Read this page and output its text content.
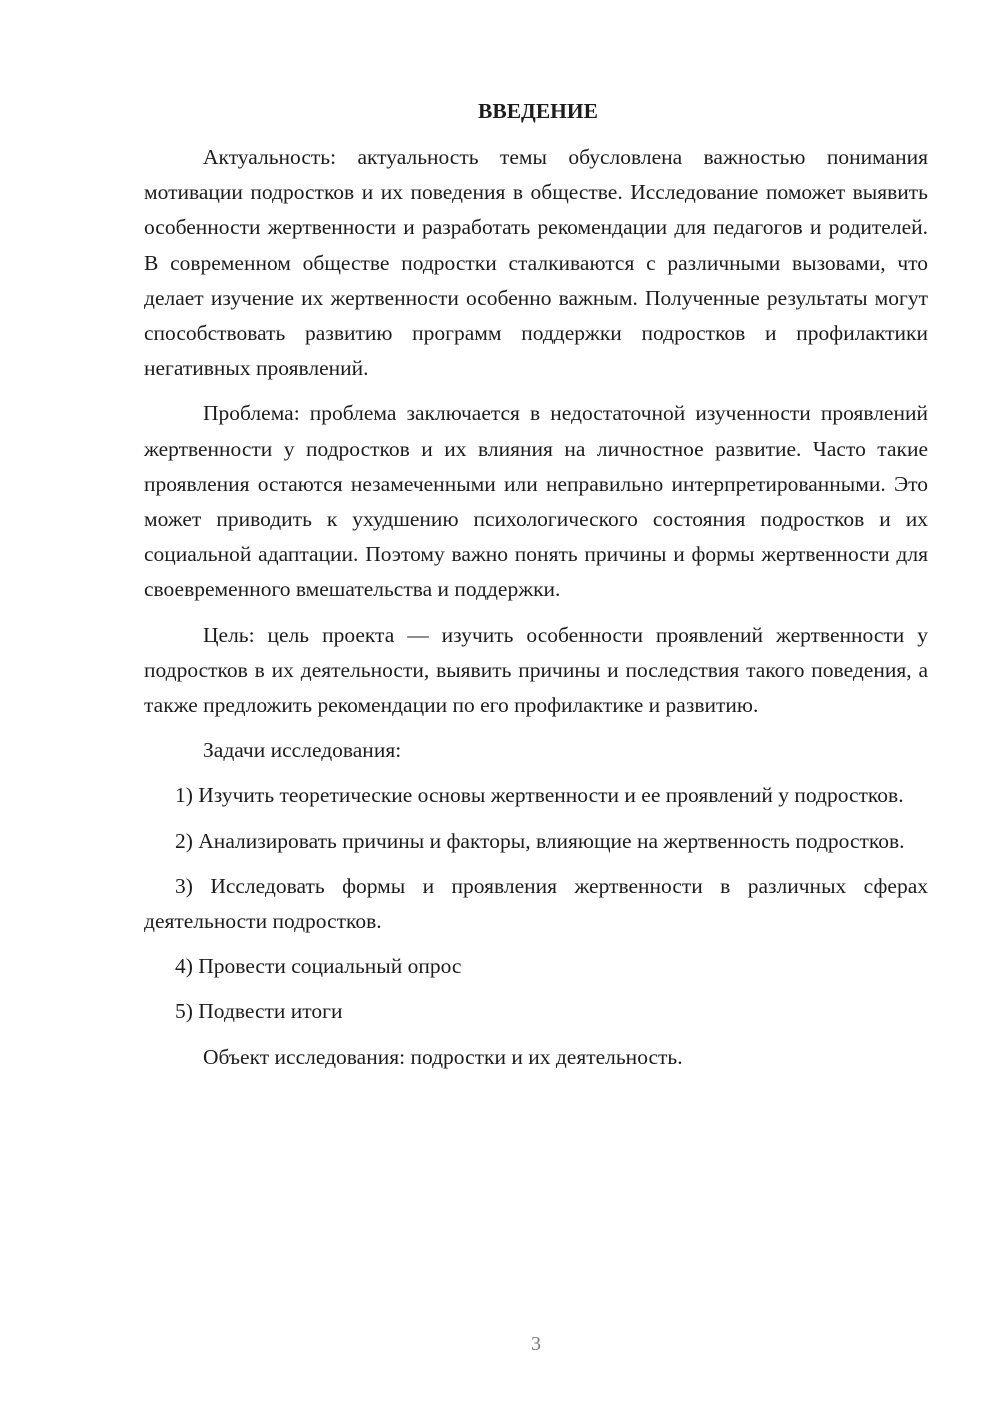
ВВЕДЕНИЕ

Актуальность: актуальность темы обусловлена важностью понимания мотивации подростков и их поведения в обществе. Исследование поможет выявить особенности жертвенности и разработать рекомендации для педагогов и родителей. В современном обществе подростки сталкиваются с различными вызовами, что делает изучение их жертвенности особенно важным. Полученные результаты могут способствовать развитию программ поддержки подростков и профилактики негативных проявлений.

Проблема: проблема заключается в недостаточной изученности проявлений жертвенности у подростков и их влияния на личностное развитие. Часто такие проявления остаются незамеченными или неправильно интерпретированными. Это может приводить к ухудшению психологического состояния подростков и их социальной адаптации. Поэтому важно понять причины и формы жертвенности для своевременного вмешательства и поддержки.

Цель: цель проекта — изучить особенности проявлений жертвенности у подростков в их деятельности, выявить причины и последствия такого поведения, а также предложить рекомендации по его профилактике и развитию.

Задачи исследования:

1) Изучить теоретические основы жертвенности и ее проявлений у подростков.

2) Анализировать причины и факторы, влияющие на жертвенность подростков.

3) Исследовать формы и проявления жертвенности в различных сферах деятельности подростков.

4) Провести социальный опрос

5) Подвести итоги

Объект исследования: подростки и их деятельность.

3
